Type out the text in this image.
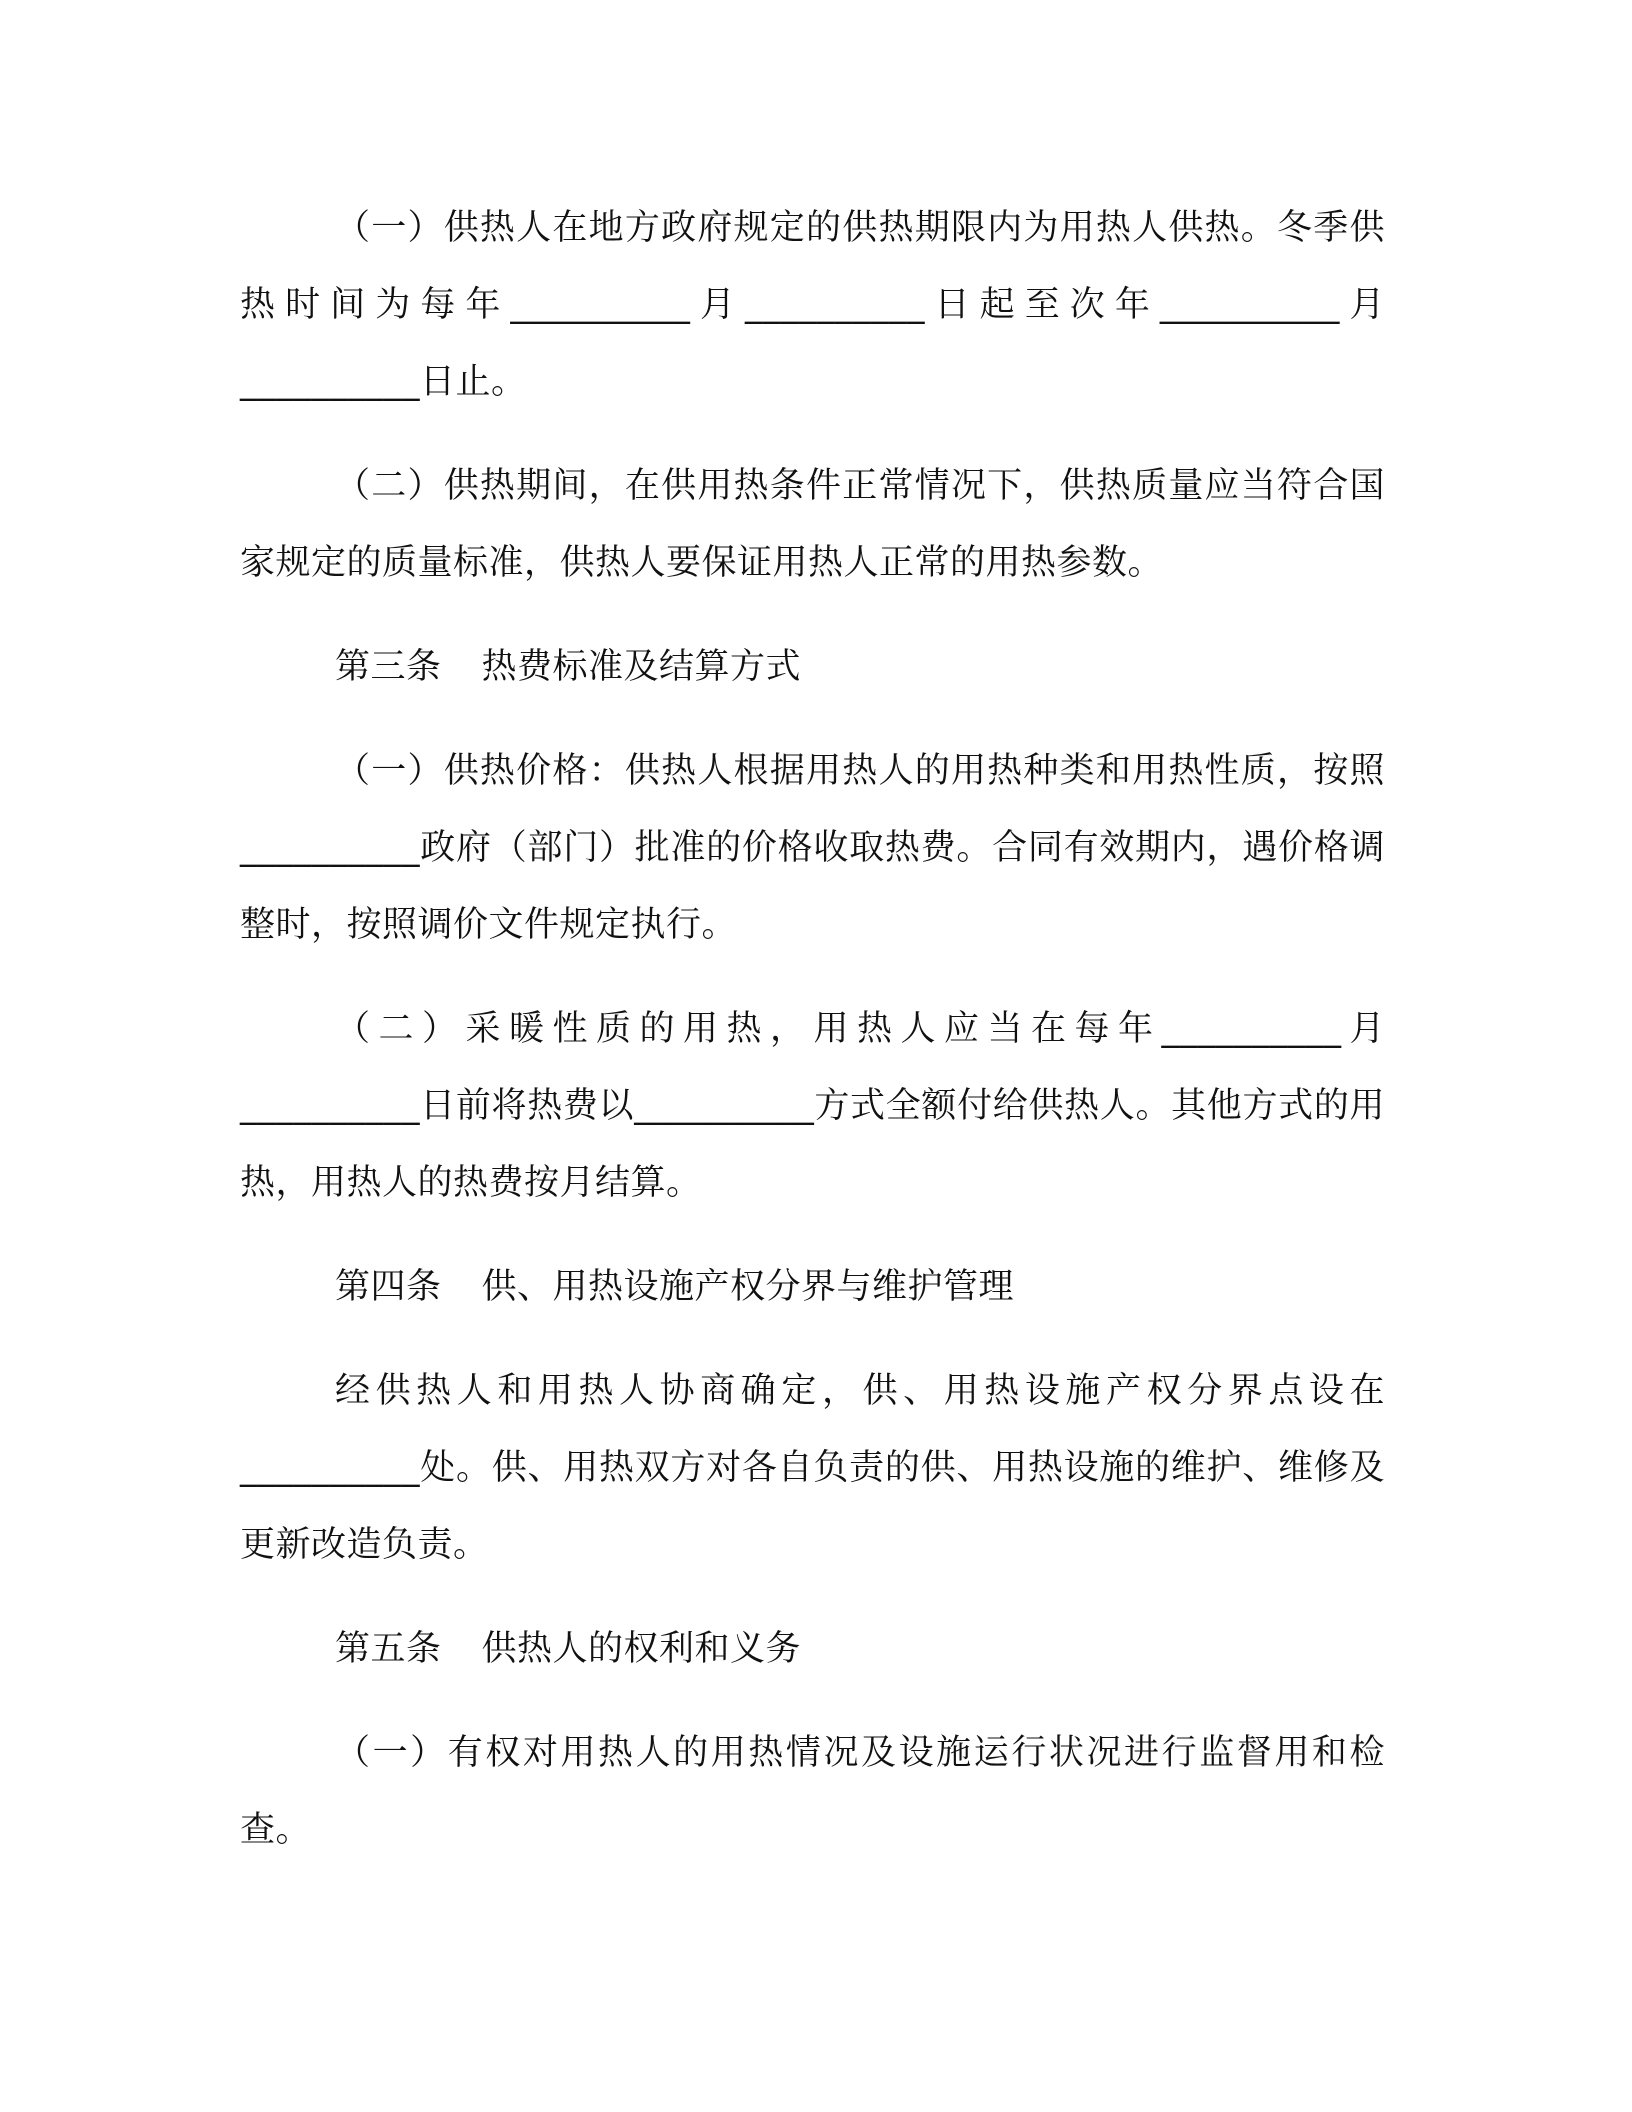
（一）供热人在地方政府规定的供热期限内为用热人供热。冬季供热时间为每年__________月__________日起至次年__________月__________日止。

（二）供热期间，在供用热条件正常情况下，供热质量应当符合国家规定的质量标准，供热人要保证用热人正常的用热参数。

第三条 热费标准及结算方式

（一）供热价格：供热人根据用热人的用热种类和用热性质，按照__________政府（部门）批准的价格收取热费。合同有效期内，遇价格调整时，按照调价文件规定执行。

（二）采暖性质的用热，用热人应当在每年__________月__________日前将热费以__________方式全额付给供热人。其他方式的用热，用热人的热费按月结算。

第四条 供、用热设施产权分界与维护管理

经供热人和用热人协商确定，供、用热设施产权分界点设在__________处。供、用热双方对各自负责的供、用热设施的维护、维修及更新改造负责。

第五条 供热人的权利和义务

（一）有权对用热人的用热情况及设施运行状况进行监督用和检查。
